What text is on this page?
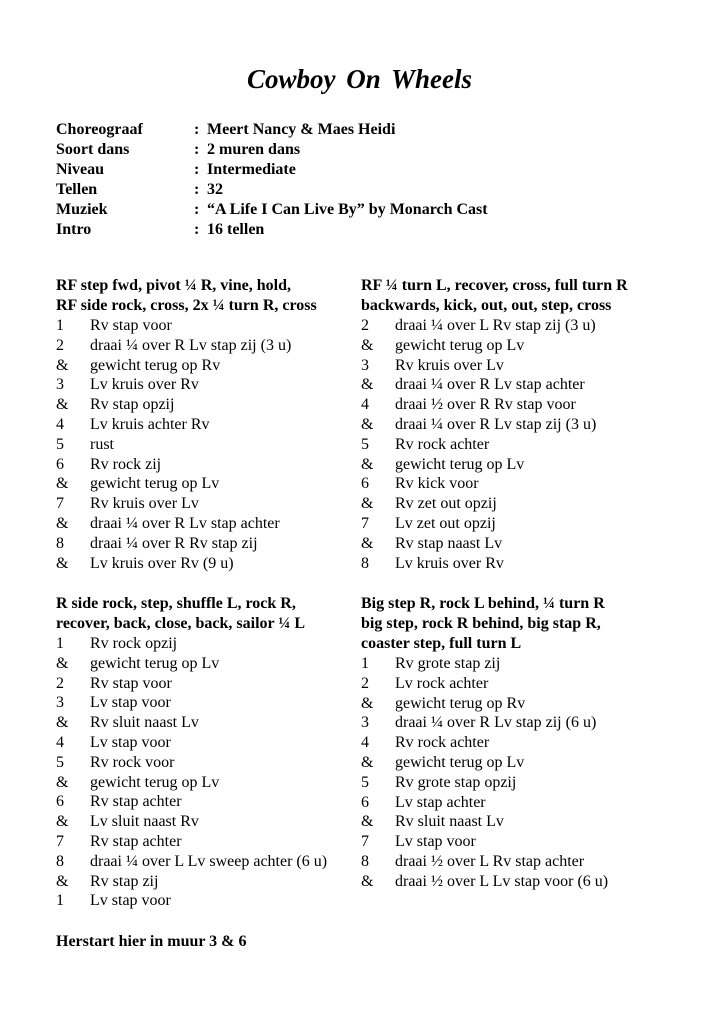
Cowboy On Wheels
Choreograaf	: Meert Nancy & Maes Heidi
Soort dans	: 2 muren dans
Niveau	: Intermediate
Tellen	: 32
Muziek	: “A Life I Can Live By” by Monarch Cast
Intro	: 16 tellen
RF step fwd, pivot ¼ R, vine, hold,
RF side rock, cross, 2x ¼ turn R, cross
1 Rv stap voor
2 draai ¼ over R Lv stap zij (3 u)
& gewicht terug op Rv
3 Lv kruis over Rv
& Rv stap opzij
4 Lv kruis achter Rv
5 rust
6 Rv rock zij
& gewicht terug op Lv
7 Rv kruis over Lv
& draai ¼ over R Lv stap achter
8 draai ¼ over R Rv stap zij
& Lv kruis over Rv (9 u)
RF ¼ turn L, recover, cross, full turn R
backwards, kick, out, out, step, cross
2 draai ¼ over L Rv stap zij (3 u)
& gewicht terug op Lv
3 Rv kruis over Lv
& draai ¼ over R Lv stap achter
4 draai ½ over R Rv stap voor
& draai ¼ over R Lv stap zij (3 u)
5 Rv rock achter
& gewicht terug op Lv
6 Rv kick voor
& Rv zet out opzij
7 Lv zet out opzij
& Rv stap naast Lv
8 Lv kruis over Rv
R side rock, step, shuffle L, rock R,
recover, back, close, back, sailor ¼ L
1 Rv rock opzij
& gewicht terug op Lv
2 Rv stap voor
3 Lv stap voor
& Rv sluit naast Lv
4 Lv stap voor
5 Rv rock voor
& gewicht terug op Lv
6 Rv stap achter
& Lv sluit naast Rv
7 Rv stap achter
8 draai ¼ over L Lv sweep achter (6 u)
& Rv stap zij
1 Lv stap voor
Big step R, rock L behind, ¼ turn R
big step, rock R behind, big stap R,
coaster step, full turn L
1 Rv grote stap zij
2 Lv rock achter
& gewicht terug op Rv
3 draai ¼ over R Lv stap zij (6 u)
4 Rv rock achter
& gewicht terug op Lv
5 Rv grote stap opzij
6 Lv stap achter
& Rv sluit naast Lv
7 Lv stap voor
8 draai ½ over L Rv stap achter
& draai ½ over L Lv stap voor (6 u)
Herstart hier in muur 3 & 6
